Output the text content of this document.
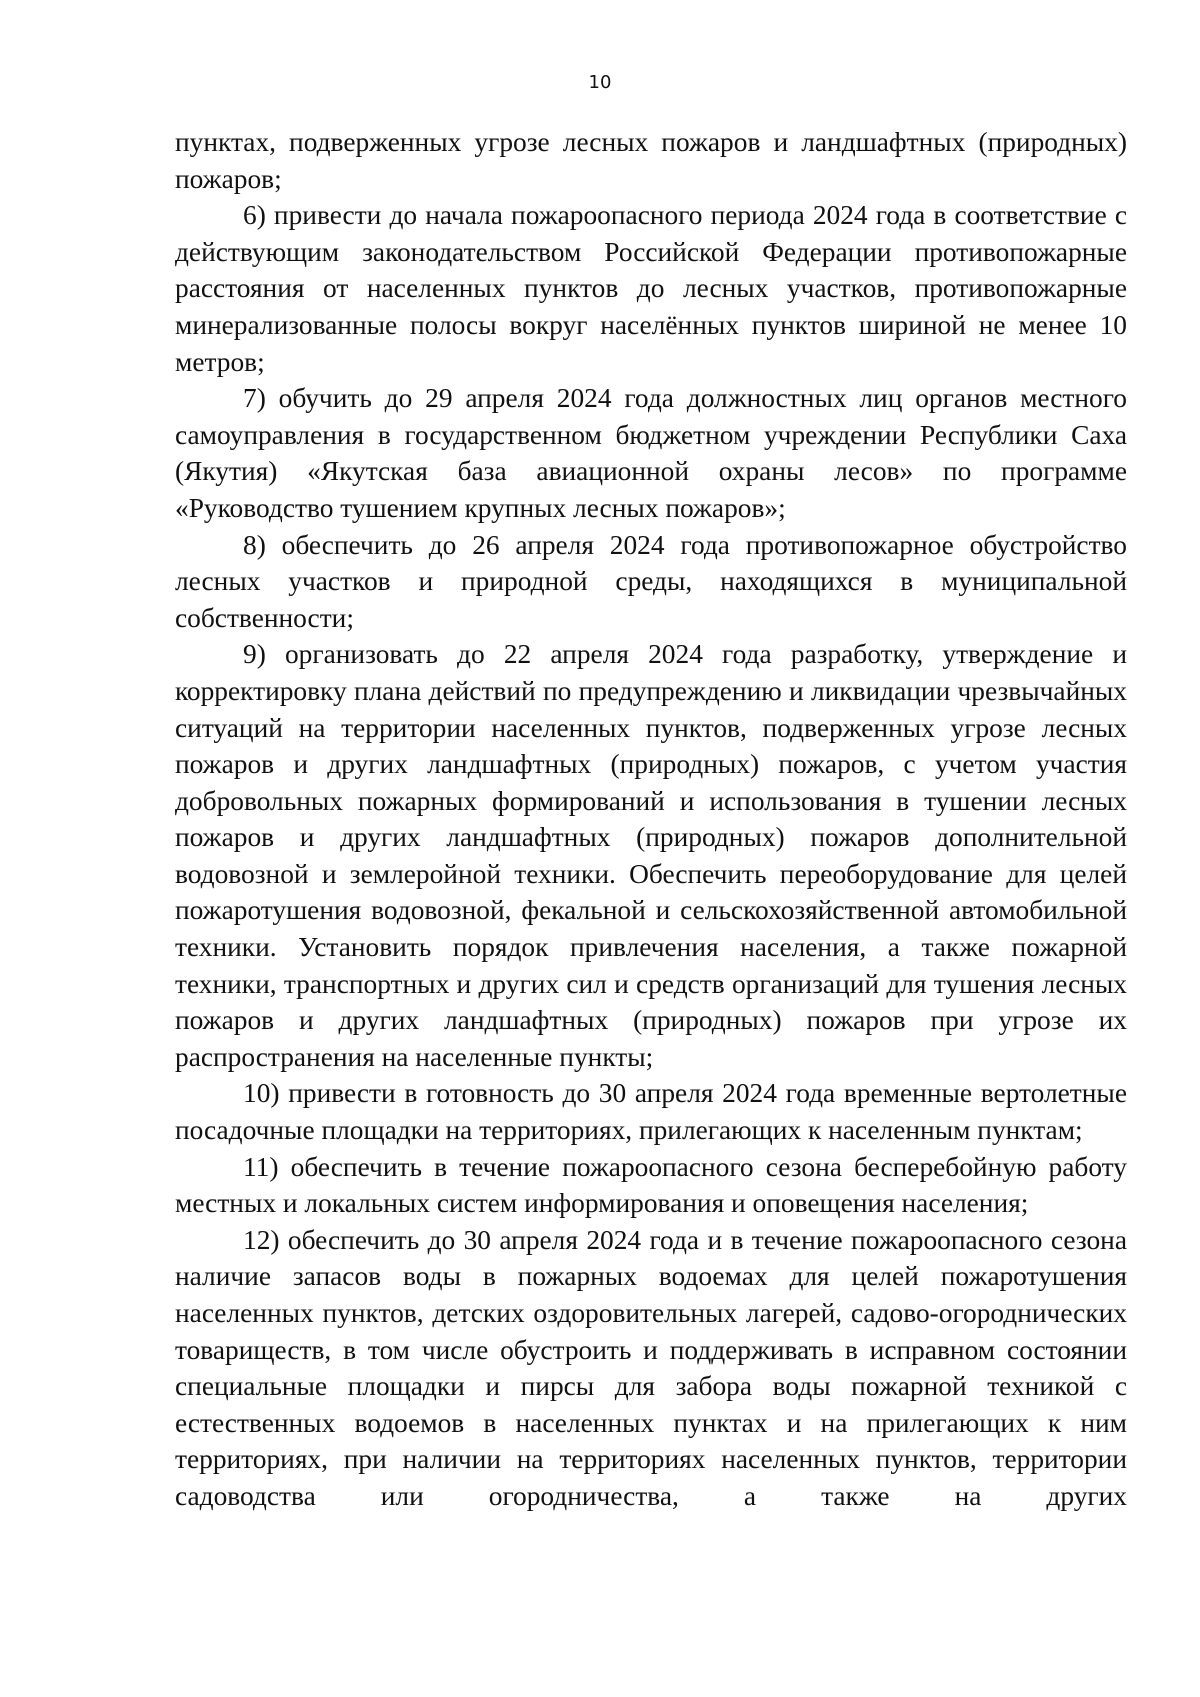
10

пунктах, подверженных угрозе лесных пожаров и ландшафтных (природных) пожаров;

6) привести до начала пожароопасного периода 2024 года в соответствие с действующим законодательством Российской Федерации противопожарные расстояния от населенных пунктов до лесных участков, противопожарные минерализованные полосы вокруг населённых пунктов шириной не менее 10 метров;

7) обучить до 29 апреля 2024 года должностных лиц органов местного самоуправления в государственном бюджетном учреждении Республики Саха (Якутия) «Якутская база авиационной охраны лесов» по программе «Руководство тушением крупных лесных пожаров»;

8) обеспечить до 26 апреля 2024 года противопожарное обустройство лесных участков и природной среды, находящихся в муниципальной собственности;

9) организовать до 22 апреля 2024 года разработку, утверждение и корректировку плана действий по предупреждению и ликвидации чрезвычайных ситуаций на территории населенных пунктов, подверженных угрозе лесных пожаров и других ландшафтных (природных) пожаров, с учетом участия добровольных пожарных формирований и использования в тушении лесных пожаров и других ландшафтных (природных) пожаров дополнительной водовозной и землеройной техники. Обеспечить переоборудование для целей пожаротушения водовозной, фекальной и сельскохозяйственной автомобильной техники. Установить порядок привлечения населения, а также пожарной техники, транспортных и других сил и средств организаций для тушения лесных пожаров и других ландшафтных (природных) пожаров при угрозе их распространения на населенные пункты;

10) привести в готовность до 30 апреля 2024 года временные вертолетные посадочные площадки на территориях, прилегающих к населенным пунктам;

11) обеспечить в течение пожароопасного сезона бесперебойную работу местных и локальных систем информирования и оповещения населения;

12) обеспечить до 30 апреля 2024 года и в течение пожароопасного сезона наличие запасов воды в пожарных водоемах для целей пожаротушения населенных пунктов, детских оздоровительных лагерей, садово-огороднических товариществ, в том числе обустроить и поддерживать в исправном состоянии специальные площадки и пирсы для забора воды пожарной техникой с естественных водоемов в населенных пунктах и на прилегающих к ним территориях, при наличии на территориях населенных пунктов, территории садоводства или огородничества, а также на других
